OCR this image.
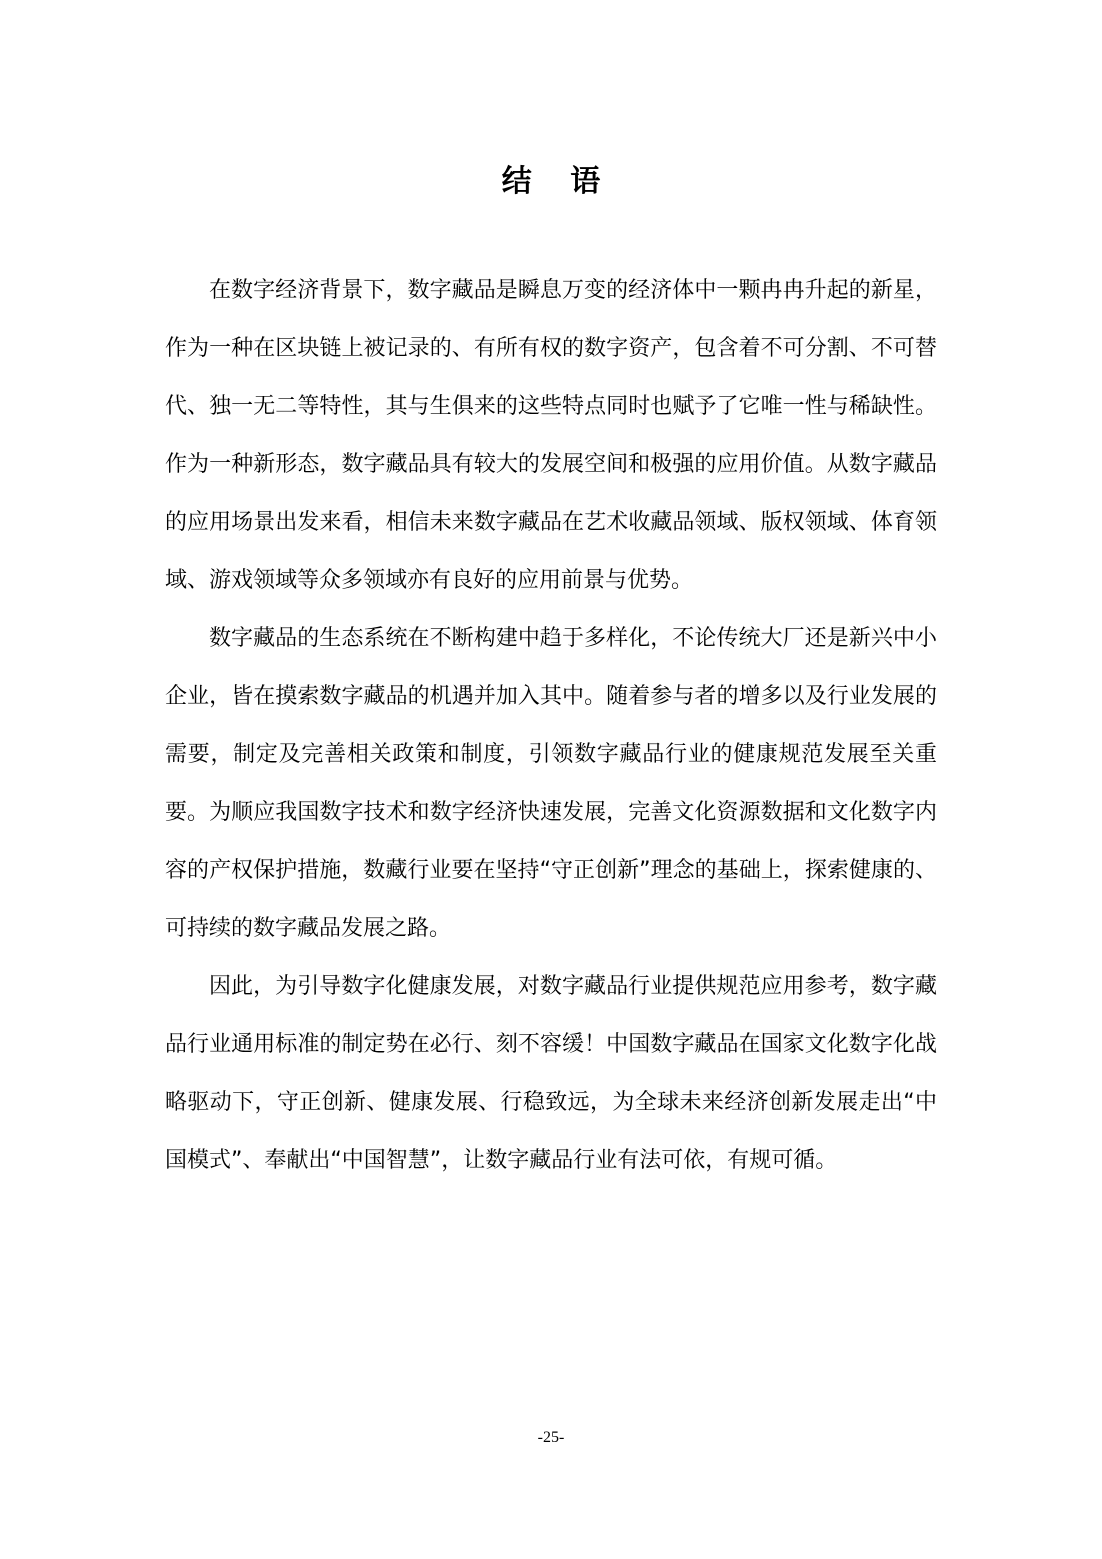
结 语

在数字经济背景下，数字藏品是瞬息万变的经济体中一颗冉冉升起的新星，作为一种在区块链上被记录的、有所有权的数字资产，包含着不可分割、不可替代、独一无二等特性，其与生俱来的这些特点同时也赋予了它唯一性与稀缺性。作为一种新形态，数字藏品具有较大的发展空间和极强的应用价值。从数字藏品的应用场景出发来看，相信未来数字藏品在艺术收藏品领域、版权领域、体育领域、游戏领域等众多领域亦有良好的应用前景与优势。

数字藏品的生态系统在不断构建中趋于多样化，不论传统大厂还是新兴中小企业，皆在摸索数字藏品的机遇并加入其中。随着参与者的增多以及行业发展的需要，制定及完善相关政策和制度，引领数字藏品行业的健康规范发展至关重要。为顺应我国数字技术和数字经济快速发展，完善文化资源数据和文化数字内容的产权保护措施，数藏行业要在坚持“守正创新”理念的基础上，探索健康的、可持续的数字藏品发展之路。

因此，为引导数字化健康发展，对数字藏品行业提供规范应用参考，数字藏品行业通用标准的制定势在必行、刻不容缓！中国数字藏品在国家文化数字化战略驱动下，守正创新、健康发展、行稳致远，为全球未来经济创新发展走出“中国模式”、奉献出“中国智慧”，让数字藏品行业有法可依，有规可循。

-25-
